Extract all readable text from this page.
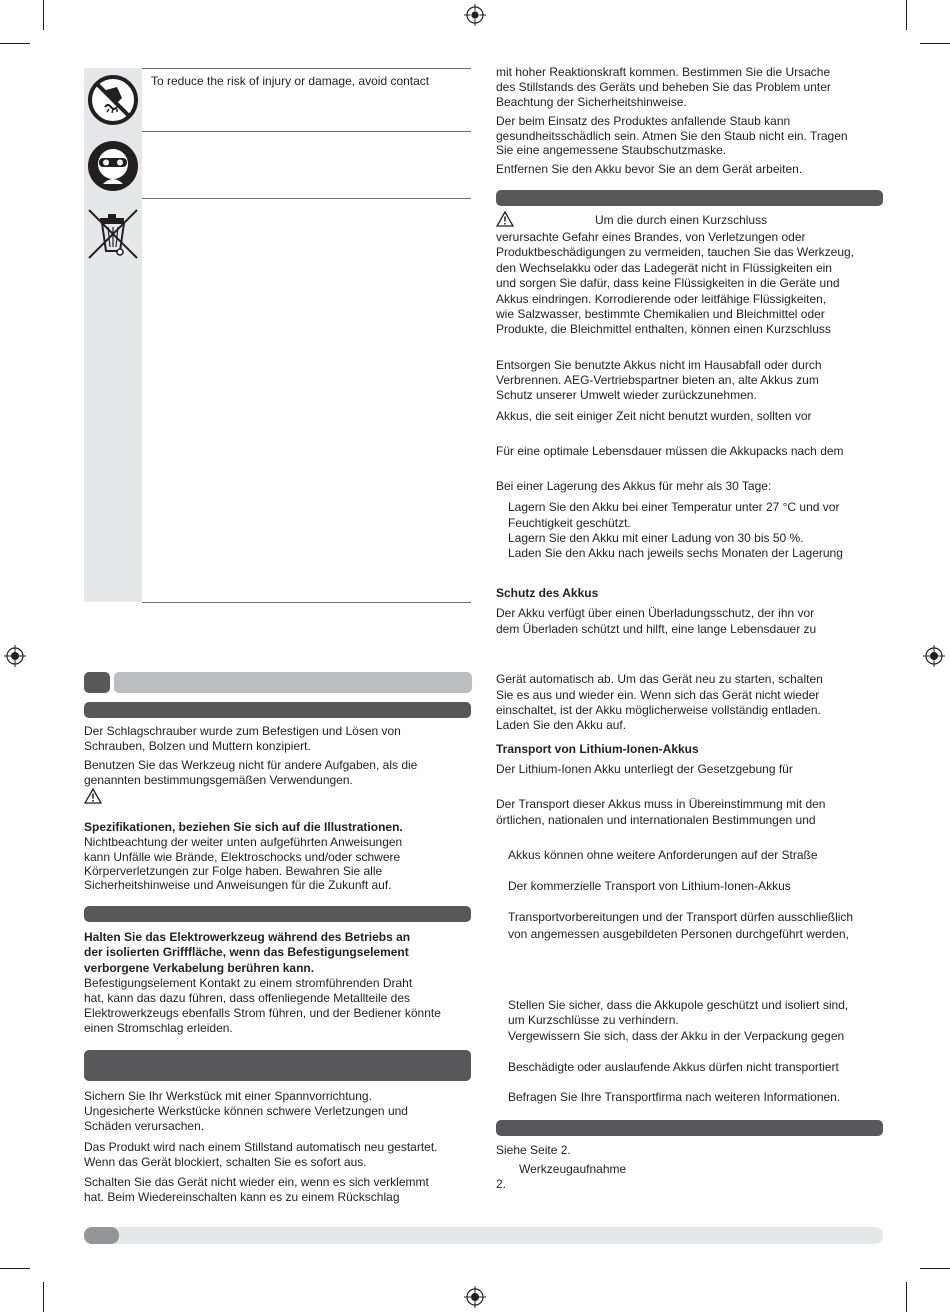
To reduce the risk of injury or damage, avoid contact
Der Schlagschrauber wurde zum Befestigen und Lösen von
Schrauben, Bolzen und Muttern konzipiert.
Benutzen Sie das Werkzeug nicht für andere Aufgaben, als die
genannten bestimmungsgemäßen Verwendungen.
Spezifikationen, beziehen Sie sich auf die Illustrationen.
Nichtbeachtung der weiter unten aufgeführten Anweisungen
kann Unfälle wie Brände, Elektroschocks und/oder schwere
Körperverletzungen zur Folge haben. Bewahren Sie alle
Sicherheitshinweise und Anweisungen für die Zukunft auf.
Halten Sie das Elektrowerkzeug während des Betriebs an
der isolierten Grifffläche, wenn das Befestigungselement
verborgene Verkabelung berühren kann.
Befestigungselement Kontakt zu einem stromführenden Draht
hat, kann das dazu führen, dass offenliegende Metallteile des
Elektrowerkzeugs ebenfalls Strom führen, und der Bediener könnte
einen Stromschlag erleiden.
Sichern Sie Ihr Werkstück mit einer Spannvorrichtung.
Ungesicherte Werkstücke können schwere Verletzungen und
Schäden verursachen.
Das Produkt wird nach einem Stillstand automatisch neu gestartet.
Wenn das Gerät blockiert, schalten Sie es sofort aus.
Schalten Sie das Gerät nicht wieder ein, wenn es sich verklemmt
hat. Beim Wiedereinschalten kann es zu einem Rückschlag
mit hoher Reaktionskraft kommen. Bestimmen Sie die Ursache
des Stillstands des Geräts und beheben Sie das Problem unter
Beachtung der Sicherheitshinweise.
Der beim Einsatz des Produktes anfallende Staub kann
gesundheitsschädlich sein. Atmen Sie den Staub nicht ein. Tragen
Sie eine angemessene Staubschutzmaske.
Entfernen Sie den Akku bevor Sie an dem Gerät arbeiten.
Um die durch einen Kurzschluss
verursachte Gefahr eines Brandes, von Verletzungen oder
Produktbeschädigungen zu vermeiden, tauchen Sie das Werkzeug,
den Wechselakku oder das Ladegerät nicht in Flüssigkeiten ein
und sorgen Sie dafür, dass keine Flüssigkeiten in die Geräte und
Akkus eindringen. Korrodierende oder leitfähige Flüssigkeiten,
wie Salzwasser, bestimmte Chemikalien und Bleichmittel oder
Produkte, die Bleichmittel enthalten, können einen Kurzschluss
Entsorgen Sie benutzte Akkus nicht im Hausabfall oder durch
Verbrennen. AEG-Vertriebspartner bieten an, alte Akkus zum
Schutz unserer Umwelt wieder zurückzunehmen.
Akkus, die seit einiger Zeit nicht benutzt wurden, sollten vor
Für eine optimale Lebensdauer müssen die Akkupacks nach dem
Bei einer Lagerung des Akkus für mehr als 30 Tage:
Lagern Sie den Akku bei einer Temperatur unter 27 °C und vor
Feuchtigkeit geschützt.
Lagern Sie den Akku mit einer Ladung von 30 bis 50 %.
Laden Sie den Akku nach jeweils sechs Monaten der Lagerung
Schutz des Akkus
Der Akku verfügt über einen Überladungsschutz, der ihn vor
dem Überladen schützt und hilft, eine lange Lebensdauer zu
Gerät automatisch ab. Um das Gerät neu zu starten, schalten
Sie es aus und wieder ein. Wenn sich das Gerät nicht wieder
einschaltet, ist der Akku möglicherweise vollständig entladen.
Laden Sie den Akku auf.
Transport von Lithium-Ionen-Akkus
Der Lithium-Ionen Akku unterliegt der Gesetzgebung für
Der Transport dieser Akkus muss in Übereinstimmung mit den
örtlichen, nationalen und internationalen Bestimmungen und
Akkus können ohne weitere Anforderungen auf der Straße
Der kommerzielle Transport von Lithium-Ionen-Akkus
Transportvorbereitungen und der Transport dürfen ausschließlich
von angemessen ausgebildeten Personen durchgeführt werden,
Stellen Sie sicher, dass die Akkupole geschützt und isoliert sind,
um Kurzschlüsse zu verhindern.
Vergewissern Sie sich, dass der Akku in der Verpackung gegen
Beschädigte oder auslaufende Akkus dürfen nicht transportiert
Befragen Sie Ihre Transportfirma nach weiteren Informationen.
Siehe Seite 2.
Werkzeugaufnahme
2.
